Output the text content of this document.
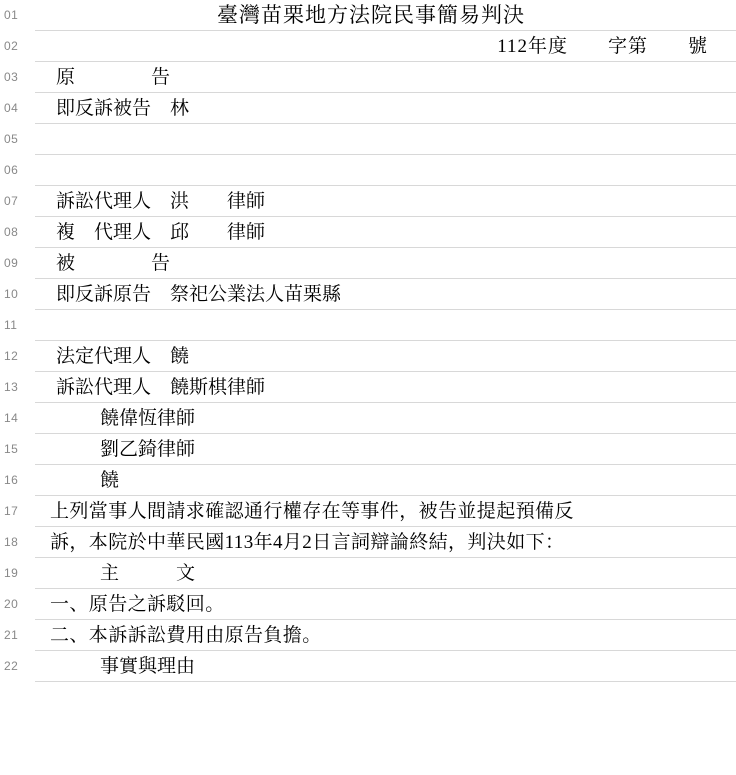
01	臺灣苗栗地方法院民事簡易判決
02	112年度　　字第　　號
03	原　　　　告
04	即反訴被告　林
05
06
07	訴訟代理人　洪　　律師
08	複　代理人　邱　　律師
09	被　　　　告
10	即反訴原告　祭祀公業法人苗栗縣
11

12	法定代理人　饒
13	訴訟代理人　饒斯棋律師
14	饒偉恆律師
15	劉乙錡律師
16	饒
17	上列當事人間請求確認通行權存在等事件，被告並提起預備反
18	訴，本院於中華民國113年4月2日言詞辯論終結，判決如下：
19	主　　　文
20	一、原告之訴駁回。
21	二、本訴訴訟費用由原告負擔。
22	事實與理由
